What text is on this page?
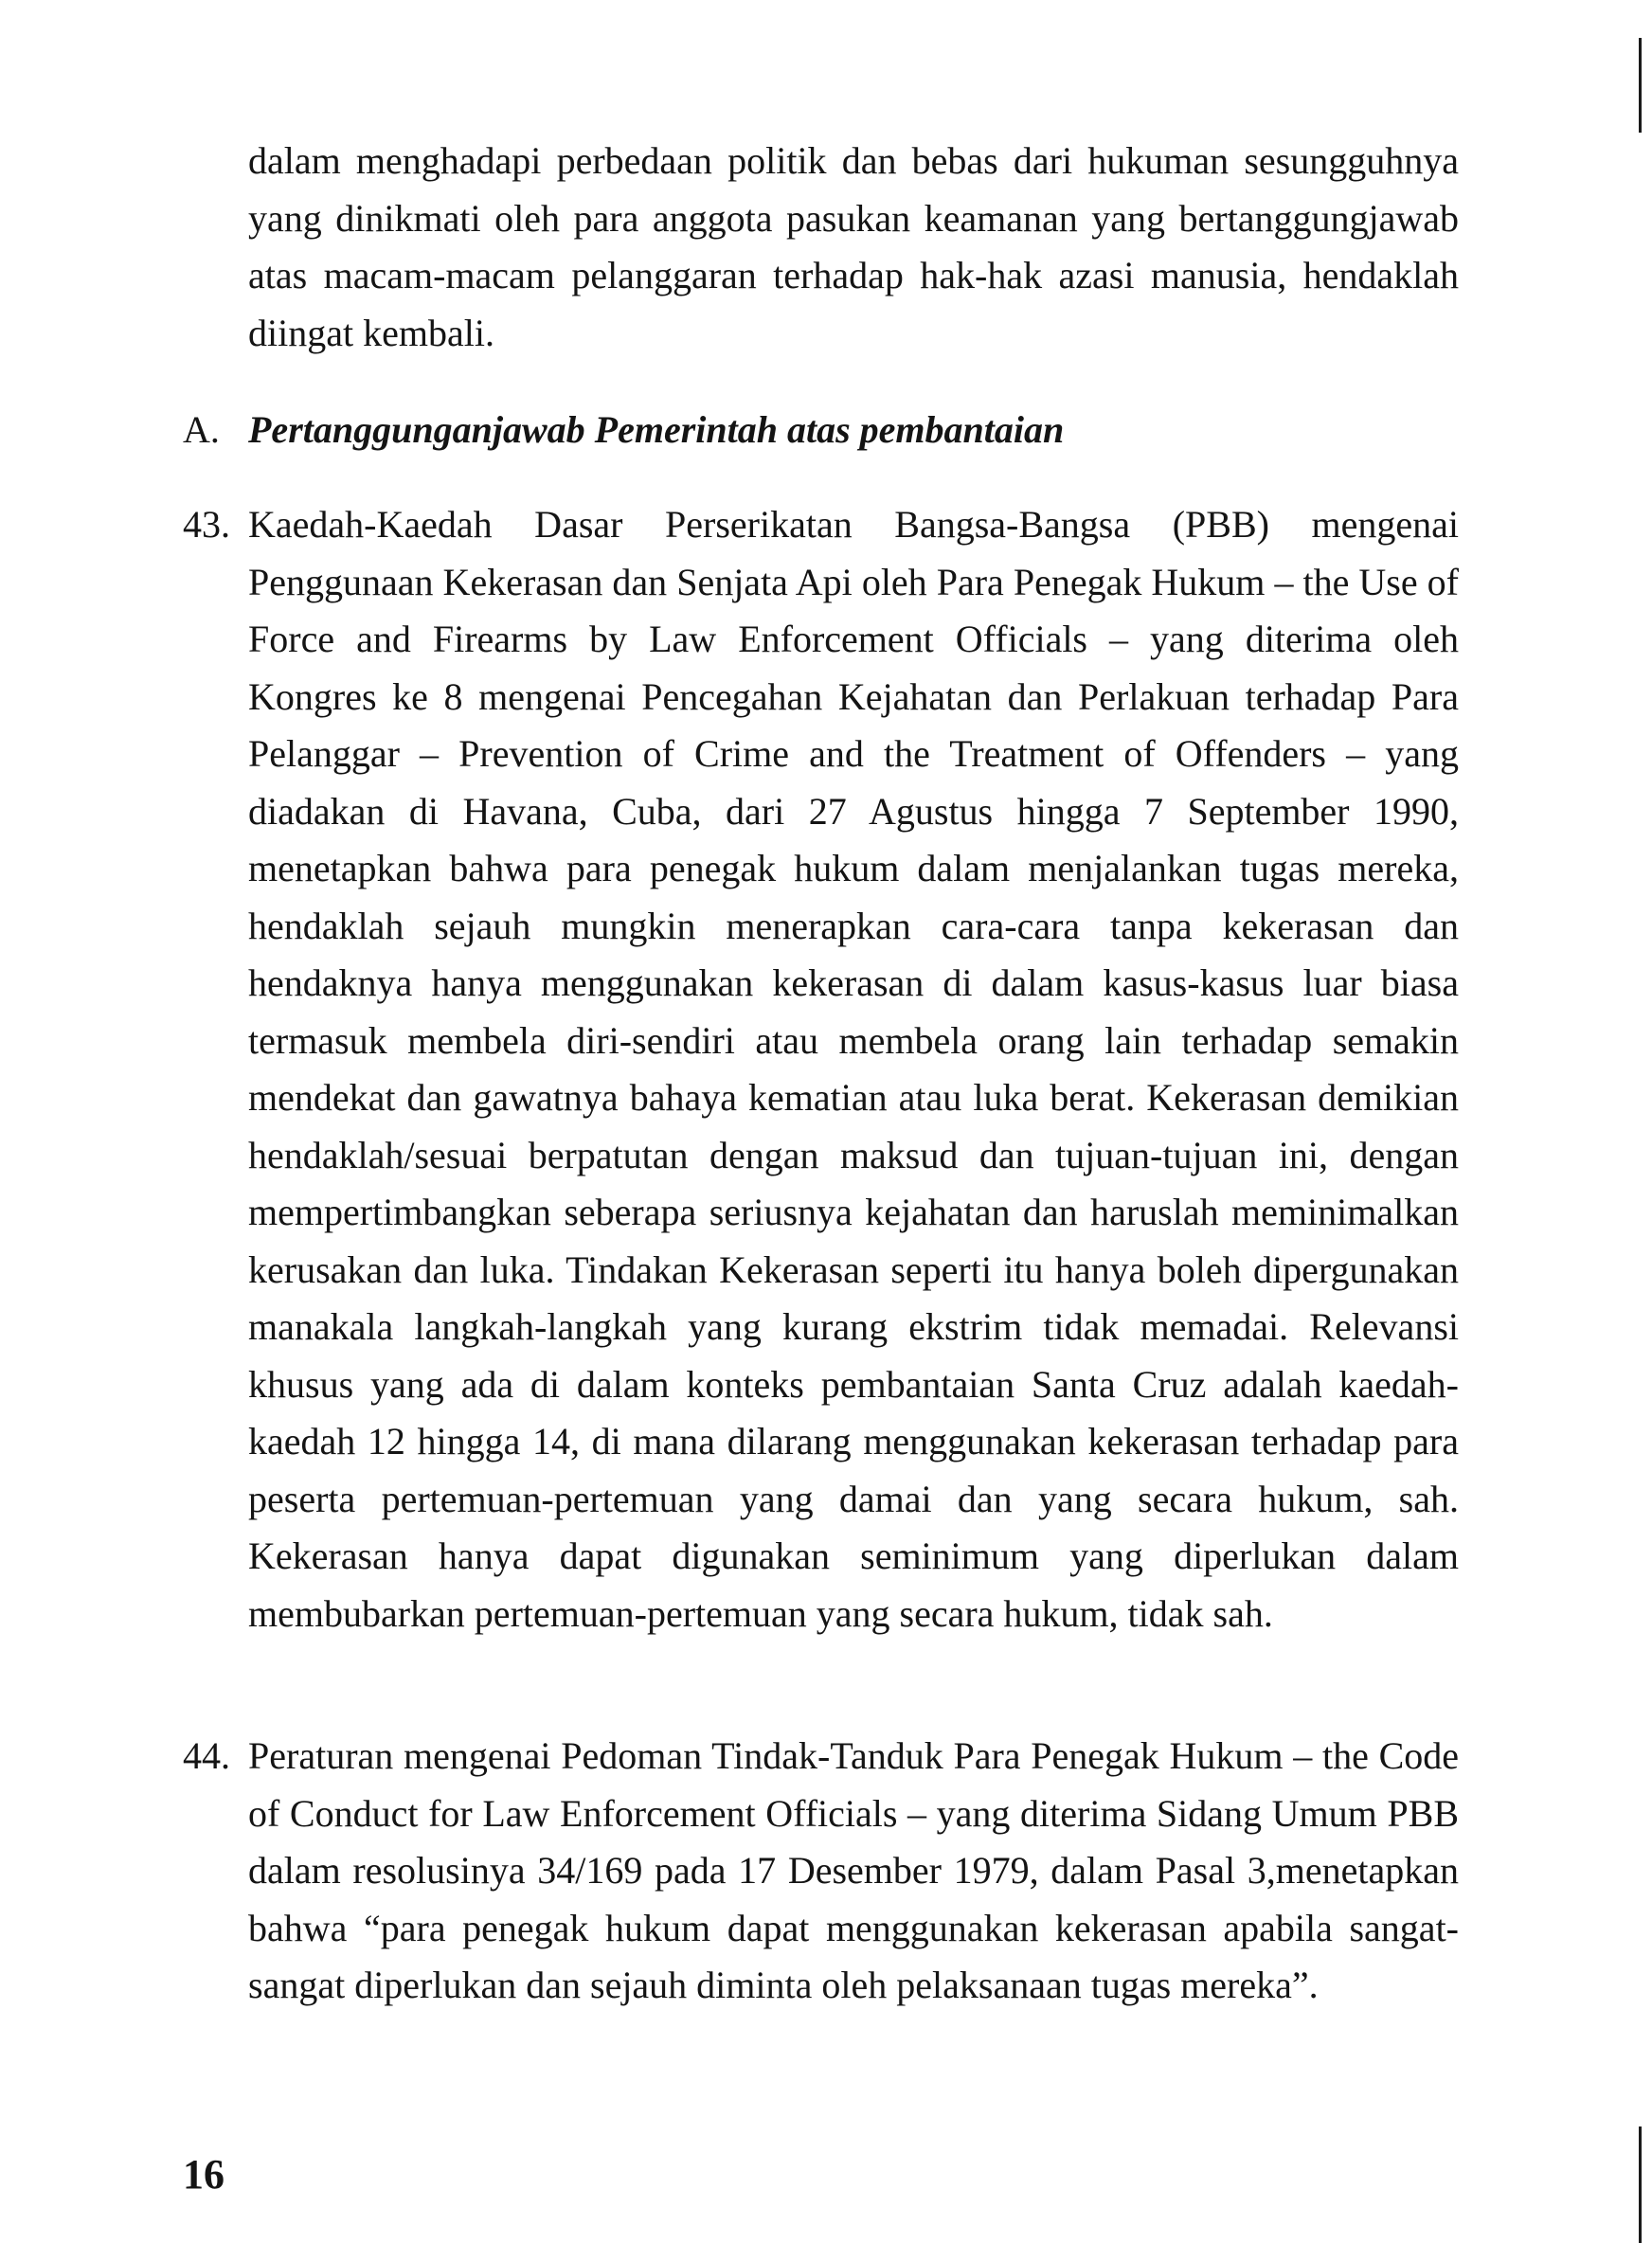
dalam menghadapi perbedaan politik dan bebas dari hukuman sesungguhnya yang dinikmati oleh para anggota pasukan keamanan yang bertanggungjawab atas macam-macam pelanggaran terhadap hak-hak azasi manusia, hendaklah diingat kembali.
A. Pertanggunganjawab Pemerintah atas pembantaian
43. Kaedah-Kaedah Dasar Perserikatan Bangsa-Bangsa (PBB) mengenai Penggunaan Kekerasan dan Senjata Api oleh Para Penegak Hukum – the Use of Force and Firearms by Law Enforcement Officials – yang diterima oleh Kongres ke 8 mengenai Pencegahan Kejahatan dan Perlakuan terhadap Para Pelanggar – Prevention of Crime and the Treatment of Offenders – yang diadakan di Havana, Cuba, dari 27 Agustus hingga 7 September 1990, menetapkan bahwa para penegak hukum dalam menjalankan tugas mereka, hendaklah sejauh mungkin menerapkan cara-cara tanpa kekerasan dan hendaknya hanya menggunakan kekerasan di dalam kasus-kasus luar biasa termasuk membela diri-sendiri atau membela orang lain terhadap semakin mendekat dan gawatnya bahaya kematian atau luka berat. Kekerasan demikian hendaklah/sesuai berpatutan dengan maksud dan tujuan-tujuan ini, dengan mempertimbangkan seberapa seriusnya kejahatan dan haruslah meminimalkan kerusakan dan luka. Tindakan Kekerasan seperti itu hanya boleh dipergunakan manakala langkah-langkah yang kurang ekstrim tidak memadai. Relevansi khusus yang ada di dalam konteks pembantaian Santa Cruz adalah kaedah-kaedah 12 hingga 14, di mana dilarang menggunakan kekerasan terhadap para peserta pertemuan-pertemuan yang damai dan yang secara hukum, sah. Kekerasan hanya dapat digunakan seminimum yang diperlukan dalam membubarkan pertemuan-pertemuan yang secara hukum, tidak sah.
44. Peraturan mengenai Pedoman Tindak-Tanduk Para Penegak Hukum – the Code of Conduct for Law Enforcement Officials – yang diterima Sidang Umum PBB dalam resolusinya 34/169 pada 17 Desember 1979, dalam Pasal 3,menetapkan bahwa “para penegak hukum dapat menggunakan kekerasan apabila sangat-sangat diperlukan dan sejauh diminta oleh pelaksanaan tugas mereka”.
16
